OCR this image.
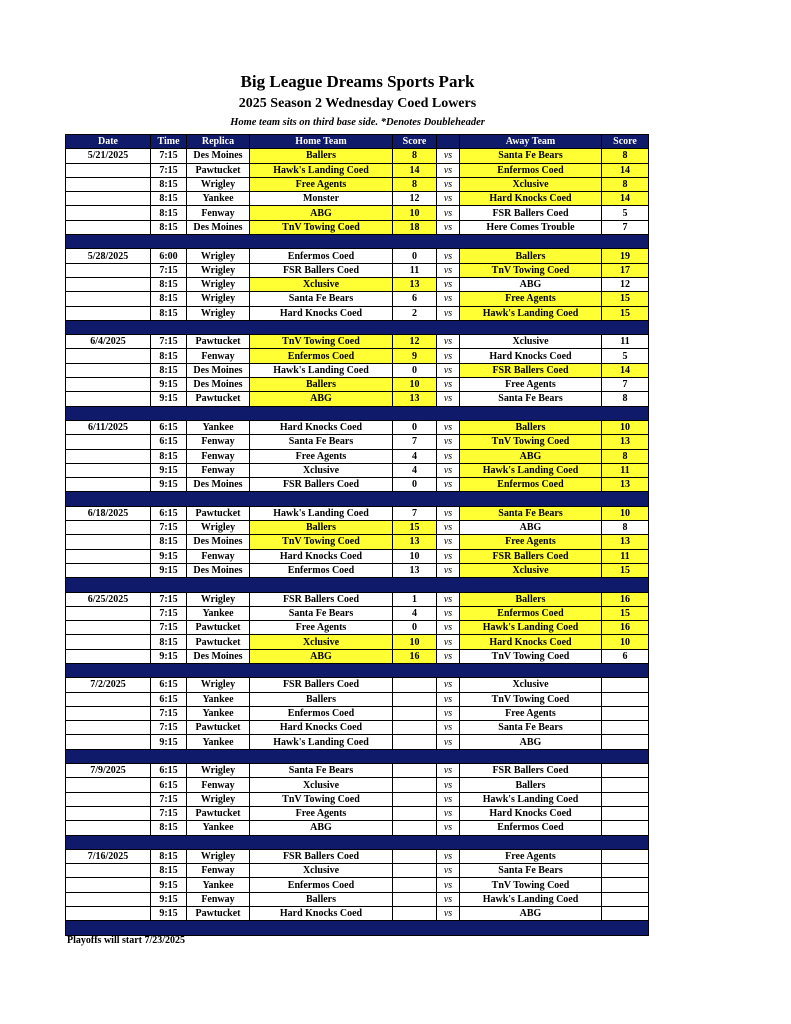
Big League Dreams Sports Park
2025 Season 2 Wednesday Coed Lowers
Home team sits on third base side. *Denotes Doubleheader
Date	Time	Replica	Home Team	Score		Away Team	Score
5/21/2025	7:15	Des Moines	Ballers	8	vs	Santa Fe Bears	8
	7:15	Pawtucket	Hawk's Landing Coed	14	vs	Enfermos Coed	14
	8:15	Wrigley	Free Agents	8	vs	Xclusive	8
	8:15	Yankee	Monster	12	vs	Hard Knocks Coed	14
	8:15	Fenway	ABG	10	vs	FSR Ballers Coed	5
	8:15	Des Moines	TnV Towing Coed	18	vs	Here Comes Trouble	7

5/28/2025	6:00	Wrigley	Enfermos Coed	0	vs	Ballers	19
	7:15	Wrigley	FSR Ballers Coed	11	vs	TnV Towing Coed	17
	8:15	Wrigley	Xclusive	13	vs	ABG	12
	8:15	Wrigley	Santa Fe Bears	6	vs	Free Agents	15
	8:15	Wrigley	Hard Knocks Coed	2	vs	Hawk's Landing Coed	15

6/4/2025	7:15	Pawtucket	TnV Towing Coed	12	vs	Xclusive	11
	8:15	Fenway	Enfermos Coed	9	vs	Hard Knocks Coed	5
	8:15	Des Moines	Hawk's Landing Coed	0	vs	FSR Ballers Coed	14
	9:15	Des Moines	Ballers	10	vs	Free Agents	7
	9:15	Pawtucket	ABG	13	vs	Santa Fe Bears	8

6/11/2025	6:15	Yankee	Hard Knocks Coed	0	vs	Ballers	10
	6:15	Fenway	Santa Fe Bears	7	vs	TnV Towing Coed	13
	8:15	Fenway	Free Agents	4	vs	ABG	8
	9:15	Fenway	Xclusive	4	vs	Hawk's Landing Coed	11
	9:15	Des Moines	FSR Ballers Coed	0	vs	Enfermos Coed	13

6/18/2025	6:15	Pawtucket	Hawk's Landing Coed	7	vs	Santa Fe Bears	10
	7:15	Wrigley	Ballers	15	vs	ABG	8
	8:15	Des Moines	TnV Towing Coed	13	vs	Free Agents	13
	9:15	Fenway	Hard Knocks Coed	10	vs	FSR Ballers Coed	11
	9:15	Des Moines	Enfermos Coed	13	vs	Xclusive	15

6/25/2025	7:15	Wrigley	FSR Ballers Coed	1	vs	Ballers	16
	7:15	Yankee	Santa Fe Bears	4	vs	Enfermos Coed	15
	7:15	Pawtucket	Free Agents	0	vs	Hawk's Landing Coed	16
	8:15	Pawtucket	Xclusive	10	vs	Hard Knocks Coed	10
	9:15	Des Moines	ABG	16	vs	TnV Towing Coed	6

7/2/2025	6:15	Wrigley	FSR Ballers Coed		vs	Xclusive	
	6:15	Yankee	Ballers		vs	TnV Towing Coed	
	7:15	Yankee	Enfermos Coed		vs	Free Agents	
	7:15	Pawtucket	Hard Knocks Coed		vs	Santa Fe Bears	
	9:15	Yankee	Hawk's Landing Coed		vs	ABG	

7/9/2025	6:15	Wrigley	Santa Fe Bears		vs	FSR Ballers Coed	
	6:15	Fenway	Xclusive		vs	Ballers	
	7:15	Wrigley	TnV Towing Coed		vs	Hawk's Landing Coed	
	7:15	Pawtucket	Free Agents		vs	Hard Knocks Coed	
	8:15	Yankee	ABG		vs	Enfermos Coed	

7/16/2025	8:15	Wrigley	FSR Ballers Coed		vs	Free Agents	
	8:15	Fenway	Xclusive		vs	Santa Fe Bears	
	9:15	Yankee	Enfermos Coed		vs	TnV Towing Coed	
	9:15	Fenway	Ballers		vs	Hawk's Landing Coed	
	9:15	Pawtucket	Hard Knocks Coed		vs	ABG	

Playoffs will start 7/23/2025
